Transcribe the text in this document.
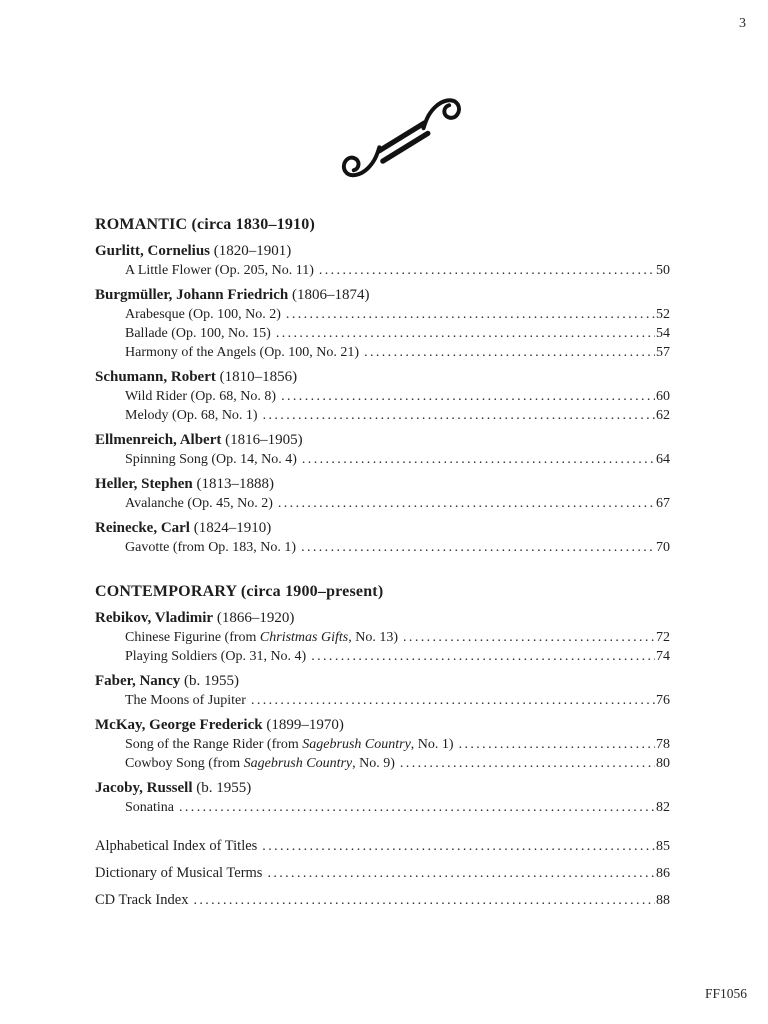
3
ROMANTIC (circa 1830–1910)
Gurlitt, Cornelius (1820–1901)
A Little Flower (Op. 205, No. 11) .....	50
Burgmüller, Johann Friedrich (1806–1874)
Arabesque (Op. 100, No. 2) .....	52
Ballade (Op. 100, No. 15) .....	54
Harmony of the Angels (Op. 100, No. 21) .....	57
Schumann, Robert (1810–1856)
Wild Rider (Op. 68, No. 8) .....	60
Melody (Op. 68, No. 1) .....	62
Ellmenreich, Albert (1816–1905)
Spinning Song (Op. 14, No. 4) .....	64
Heller, Stephen (1813–1888)
Avalanche (Op. 45, No. 2) .....	67
Reinecke, Carl (1824–1910)
Gavotte (from Op. 183, No. 1) .....	70
CONTEMPORARY (circa 1900–present)
Rebikov, Vladimir (1866–1920)
Chinese Figurine (from Christmas Gifts, No. 13) .....	72
Playing Soldiers (Op. 31, No. 4) .....	74
Faber, Nancy (b. 1955)
The Moons of Jupiter .....	76
McKay, George Frederick (1899–1970)
Song of the Range Rider (from Sagebrush Country, No. 1) .....	78
Cowboy Song (from Sagebrush Country, No. 9) .....	80
Jacoby, Russell (b. 1955)
Sonatina .....	82
Alphabetical Index of Titles .....	85
Dictionary of Musical Terms .....	86
CD Track Index .....	88
FF1056
